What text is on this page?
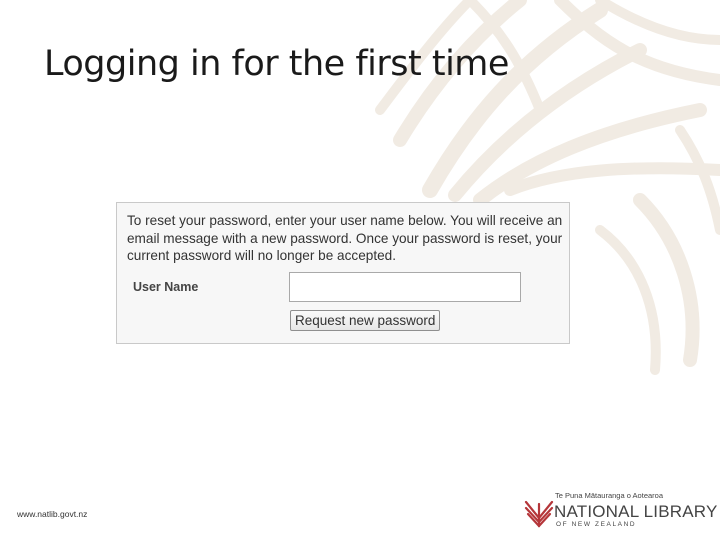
Logging in for the first time

To reset your password, enter your user name below. You will receive an email message with a new password. Once your password is reset, your current password will no longer be accepted.

User Name
Request new password
www.natlib.govt.nz
Te Puna Mātauranga o Aotearoa
NATIONAL LIBRARY
OF NEW ZEALAND
